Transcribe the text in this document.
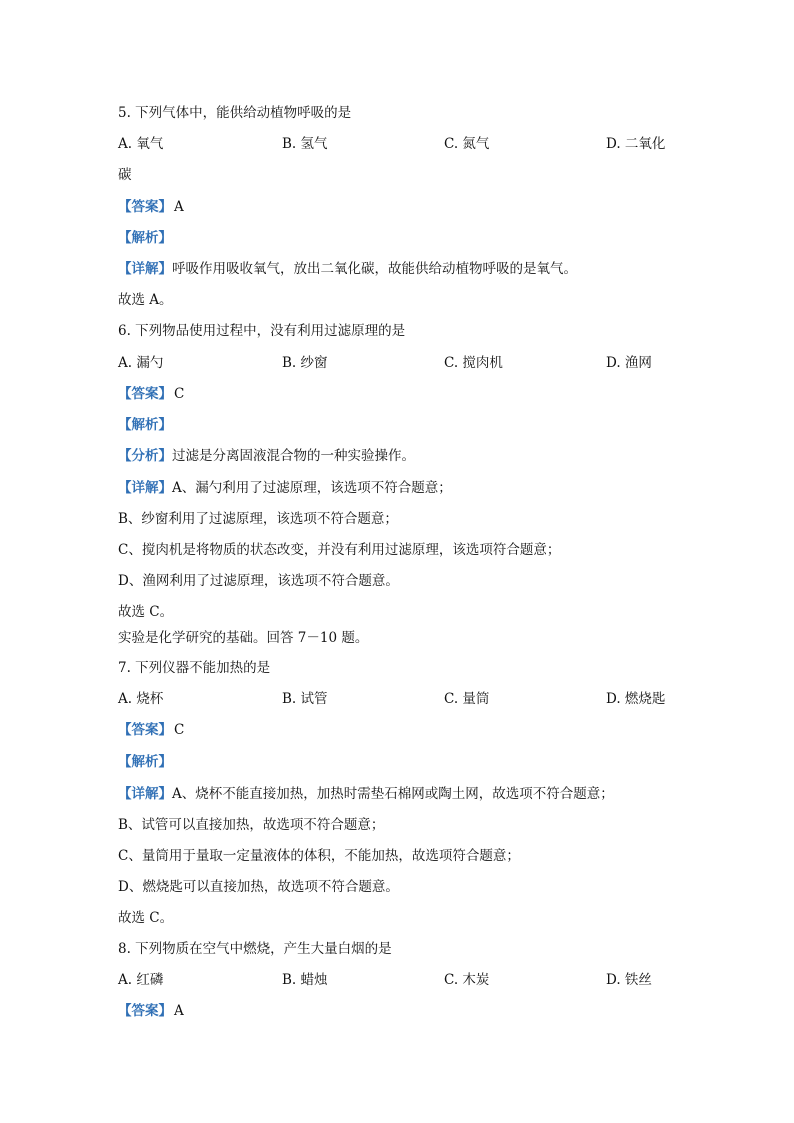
5. 下列气体中，能供给动植物呼吸的是
A. 氧气	B. 氢气	C. 氮气	D. 二氧化
碳
【答案】 A
【解析】
【详解】呼吸作用吸收氧气，放出二氧化碳，故能供给动植物呼吸的是氧气。
故选 A。
6. 下列物品使用过程中，没有利用过滤原理的是
A. 漏勺	B. 纱窗	C. 搅肉机	D. 渔网
【答案】 C
【解析】
【分析】过滤是分离固液混合物的一种实验操作。
【详解】A、漏勺利用了过滤原理，该选项不符合题意；
B、纱窗利用了过滤原理，该选项不符合题意；
C、搅肉机是将物质的状态改变，并没有利用过滤原理，该选项符合题意；
D、渔网利用了过滤原理，该选项不符合题意。
故选 C。
实验是化学研究的基础。回答 7－10 题。
7. 下列仪器不能加热的是
A. 烧杯	B. 试管	C. 量筒	D. 燃烧匙
【答案】 C
【解析】
【详解】A、烧杯不能直接加热，加热时需垫石棉网或陶土网，故选项不符合题意；
B、试管可以直接加热，故选项不符合题意；
C、量筒用于量取一定量液体的体积，不能加热，故选项符合题意；
D、燃烧匙可以直接加热，故选项不符合题意。
故选 C。
8. 下列物质在空气中燃烧，产生大量白烟的是
A. 红磷	B. 蜡烛	C. 木炭	D. 铁丝
【答案】 A
